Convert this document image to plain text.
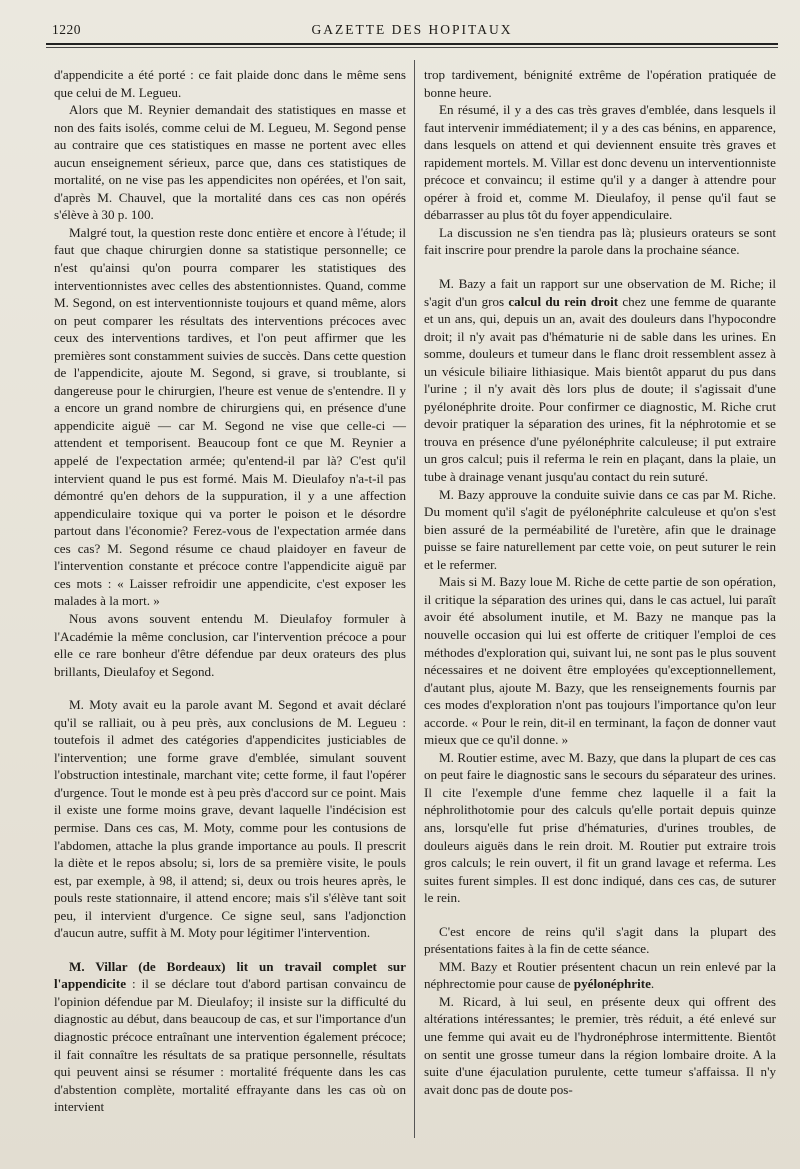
1220	GAZETTE DES HOPITAUX

d'appendicite a été porté : ce fait plaide donc dans le même sens que celui de M. Legueu.

Alors que M. Reynier demandait des statistiques en masse et non des faits isolés, comme celui de M. Legueu, M. Segond pense au contraire que ces statistiques en masse ne portent avec elles aucun enseignement sérieux, parce que, dans ces statistiques de mortalité, on ne vise pas les appendicites non opérées, et l'on sait, d'après M. Chauvel, que la mortalité dans ces cas non opérés s'élève à 30 p. 100.

Malgré tout, la question reste donc entière et encore à l'étude; il faut que chaque chirurgien donne sa statistique personnelle; ce n'est qu'ainsi qu'on pourra comparer les statistiques des interventionnistes avec celles des abstentionnistes. Quand, comme M. Segond, on est interventionniste toujours et quand même, alors on peut comparer les résultats des interventions précoces avec ceux des interventions tardives, et l'on peut affirmer que les premières sont constamment suivies de succès. Dans cette question de l'appendicite, ajoute M. Segond, si grave, si troublante, si dangereuse pour le chirurgien, l'heure est venue de s'entendre. Il y a encore un grand nombre de chirurgiens qui, en présence d'une appendicite aiguë — car M. Segond ne vise que celle-ci — attendent et temporisent. Beaucoup font ce que M. Reynier a appelé de l'expectation armée; qu'entend-il par là? C'est qu'il intervient quand le pus est formé. Mais M. Dieulafoy n'a-t-il pas démontré qu'en dehors de la suppuration, il y a une affection appendiculaire toxique qui va porter le poison et le désordre partout dans l'économie? Ferez-vous de l'expectation armée dans ces cas? M. Segond résume ce chaud plaidoyer en faveur de l'intervention constante et précoce contre l'appendicite aiguë par ces mots : « Laisser refroidir une appendicite, c'est exposer les malades à la mort. »

Nous avons souvent entendu M. Dieulafoy formuler à l'Académie la même conclusion, car l'intervention précoce a pour elle ce rare bonheur d'être défendue par deux orateurs des plus brillants, Dieulafoy et Segond.

M. Moty avait eu la parole avant M. Segond et avait déclaré qu'il se ralliait, ou à peu près, aux conclusions de M. Legueu : toutefois il admet des catégories d'appendicites justiciables de l'intervention; une forme grave d'emblée, simulant souvent l'obstruction intestinale, marchant vite; cette forme, il faut l'opérer d'urgence. Tout le monde est à peu près d'accord sur ce point. Mais il existe une forme moins grave, devant laquelle l'indécision est permise. Dans ces cas, M. Moty, comme pour les contusions de l'abdomen, attache la plus grande importance au pouls. Il prescrit la diète et le repos absolu; si, lors de sa première visite, le pouls est, par exemple, à 98, il attend; si, deux ou trois heures après, le pouls reste stationnaire, il attend encore; mais s'il s'élève tant soit peu, il intervient d'urgence. Ce signe seul, sans l'adjonction d'aucun autre, suffit à M. Moty pour légitimer l'intervention.

M. Villar (de Bordeaux) lit un travail complet sur l'appendicite : il se déclare tout d'abord partisan convaincu de l'opinion défendue par M. Dieulafoy; il insiste sur la difficulté du diagnostic au début, dans beaucoup de cas, et sur l'importance d'un diagnostic précoce entraînant une intervention également précoce; il fait connaître les résultats de sa pratique personnelle, résultats qui peuvent ainsi se résumer : mortalité fréquente dans les cas d'abstention complète, mortalité effrayante dans les cas où on intervient

trop tardivement, bénignité extrême de l'opération pratiquée de bonne heure.

En résumé, il y a des cas très graves d'emblée, dans lesquels il faut intervenir immédiatement; il y a des cas bénins, en apparence, dans lesquels on attend et qui deviennent ensuite très graves et rapidement mortels. M. Villar est donc devenu un interventionniste précoce et convaincu; il estime qu'il y a danger à attendre pour opérer à froid et, comme M. Dieulafoy, il pense qu'il faut se débarrasser au plus tôt du foyer appendiculaire.

La discussion ne s'en tiendra pas là; plusieurs orateurs se sont fait inscrire pour prendre la parole dans la prochaine séance.

M. Bazy a fait un rapport sur une observation de M. Riche; il s'agit d'un gros calcul du rein droit chez une femme de quarante et un ans, qui, depuis un an, avait des douleurs dans l'hypocondre droit; il n'y avait pas d'hématurie ni de sable dans les urines. En somme, douleurs et tumeur dans le flanc droit ressemblent assez à un vésicule biliaire lithiasique. Mais bientôt apparut du pus dans l'urine ; il n'y avait dès lors plus de doute; il s'agissait d'une pyélonéphrite droite. Pour confirmer ce diagnostic, M. Riche crut devoir pratiquer la séparation des urines, fit la néphrotomie et se trouva en présence d'une pyélonéphrite calculeuse; il put extraire un gros calcul; puis il referma le rein en plaçant, dans la plaie, un tube à drainage venant jusqu'au contact du rein suturé.

M. Bazy approuve la conduite suivie dans ce cas par M. Riche. Du moment qu'il s'agit de pyélonéphrite calculeuse et qu'on s'est bien assuré de la perméabilité de l'uretère, afin que le drainage puisse se faire naturellement par cette voie, on peut suturer le rein et le refermer.

Mais si M. Bazy loue M. Riche de cette partie de son opération, il critique la séparation des urines qui, dans le cas actuel, lui paraît avoir été absolument inutile, et M. Bazy ne manque pas la nouvelle occasion qui lui est offerte de critiquer l'emploi de ces méthodes d'exploration qui, suivant lui, ne sont pas le plus souvent nécessaires et ne doivent être employées qu'exceptionnellement, d'autant plus, ajoute M. Bazy, que les renseignements fournis par ces modes d'exploration n'ont pas toujours l'importance qu'on leur accorde. « Pour le rein, dit-il en terminant, la façon de donner vaut mieux que ce qu'il donne. »

M. Routier estime, avec M. Bazy, que dans la plupart de ces cas on peut faire le diagnostic sans le secours du séparateur des urines. Il cite l'exemple d'une femme chez laquelle il a fait la néphrolithotomie pour des calculs qu'elle portait depuis quinze ans, lorsqu'elle fut prise d'hématuries, d'urines troubles, de douleurs aiguës dans le rein droit. M. Routier put extraire trois gros calculs; le rein ouvert, il fit un grand lavage et referma. Les suites furent simples. Il est donc indiqué, dans ces cas, de suturer le rein.

C'est encore de reins qu'il s'agit dans la plupart des présentations faites à la fin de cette séance.

MM. Bazy et Routier présentent chacun un rein enlevé par la néphrectomie pour cause de pyélonéphrite.

M. Ricard, à lui seul, en présente deux qui offrent des altérations intéressantes; le premier, très réduit, a été enlevé sur une femme qui avait eu de l'hydronéphrose intermittente. Bientôt on sentit une grosse tumeur dans la région lombaire droite. A la suite d'une éjaculation purulente, cette tumeur s'affaissa. Il n'y avait donc pas de doute pos-
